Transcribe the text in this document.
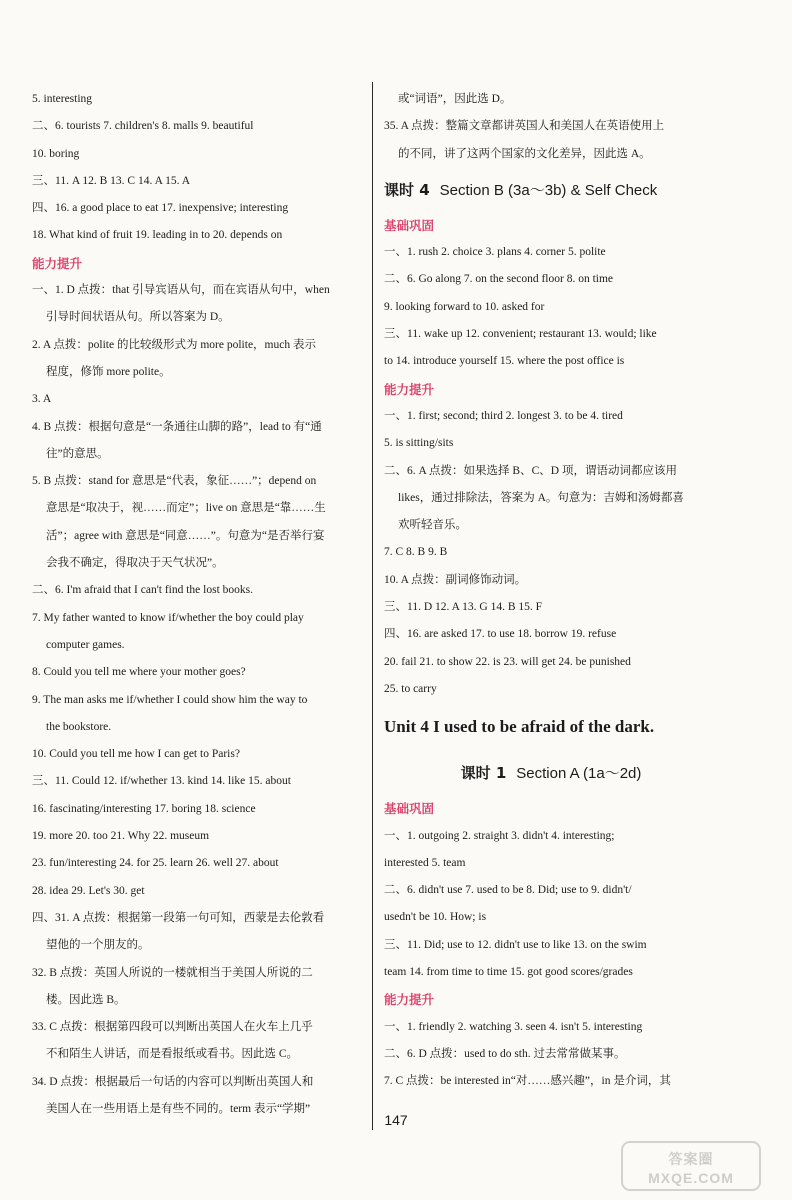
5. interesting
二、6. tourists 7. children's 8. malls 9. beautiful
10. boring
三、11. A 12. B 13. C 14. A 15. A
四、16. a good place to eat 17. inexpensive; interesting
18. What kind of fruit 19. leading in to 20. depends on
能力提升
一、1. D 点拨：that 引导宾语从句，而在宾语从句中，when
引导时间状语从句。所以答案为 D。
2. A 点拨：polite 的比较级形式为 more polite，much 表示
程度，修饰 more polite。
3. A
4. B 点拨：根据句意是“一条通往山脚的路”，lead to 有“通
往”的意思。
5. B 点拨：stand for 意思是“代表，象征……”；depend on
意思是“取决于，视……而定”；live on 意思是“靠……生
活”；agree with 意思是“同意……”。句意为“是否举行宴
会我不确定，得取决于天气状况”。
二、6. I'm afraid that I can't find the lost books.
7. My father wanted to know if/whether the boy could play
computer games.
8. Could you tell me where your mother goes?
9. The man asks me if/whether I could show him the way to
the bookstore.
10. Could you tell me how I can get to Paris?
三、11. Could 12. if/whether 13. kind 14. like 15. about
16. fascinating/interesting 17. boring 18. science
19. more 20. too 21. Why 22. museum
23. fun/interesting 24. for 25. learn 26. well 27. about
28. idea 29. Let's 30. get
四、31. A 点拨：根据第一段第一句可知，西蒙是去伦敦看
望他的一个朋友的。
32. B 点拨：英国人所说的一楼就相当于美国人所说的二
楼。因此选 B。
33. C 点拨：根据第四段可以判断出英国人在火车上几乎
不和陌生人讲话，而是看报纸或看书。因此选 C。
34. D 点拨：根据最后一句话的内容可以判断出英国人和
美国人在一些用语上是有些不同的。term 表示“学期”
或“词语”，因此选 D。
35. A 点拨：整篇文章都讲英国人和美国人在英语使用上
的不同，讲了这两个国家的文化差异，因此选 A。
课时 4 Section B (3a～3b) & Self Check
基础巩固
一、1. rush 2. choice 3. plans 4. corner 5. polite
二、6. Go along 7. on the second floor 8. on time
9. looking forward to 10. asked for
三、11. wake up 12. convenient; restaurant 13. would; like
to 14. introduce yourself 15. where the post office is
能力提升
一、1. first; second; third 2. longest 3. to be 4. tired
5. is sitting/sits
二、6. A 点拨：如果选择 B、C、D 项，谓语动词都应该用
likes，通过排除法，答案为 A。句意为：吉姆和汤姆都喜
欢听轻音乐。
7. C 8. B 9. B
10. A 点拨：副词修饰动词。
三、11. D 12. A 13. G 14. B 15. F
四、16. are asked 17. to use 18. borrow 19. refuse
20. fail 21. to show 22. is 23. will get 24. be punished
25. to carry
Unit 4 I used to be afraid of the dark.
课时 1 Section A (1a～2d)
基础巩固
一、1. outgoing 2. straight 3. didn't 4. interesting;
interested 5. team
二、6. didn't use 7. used to be 8. Did; use to 9. didn't/
usedn't be 10. How; is
三、11. Did; use to 12. didn't use to like 13. on the swim
team 14. from time to time 15. got good scores/grades
能力提升
一、1. friendly 2. watching 3. seen 4. isn't 5. interesting
二、6. D 点拨：used to do sth. 过去常常做某事。
7. C 点拨：be interested in“对……感兴趣”，in 是介词，其
147
答案圈
MXQE.COM
